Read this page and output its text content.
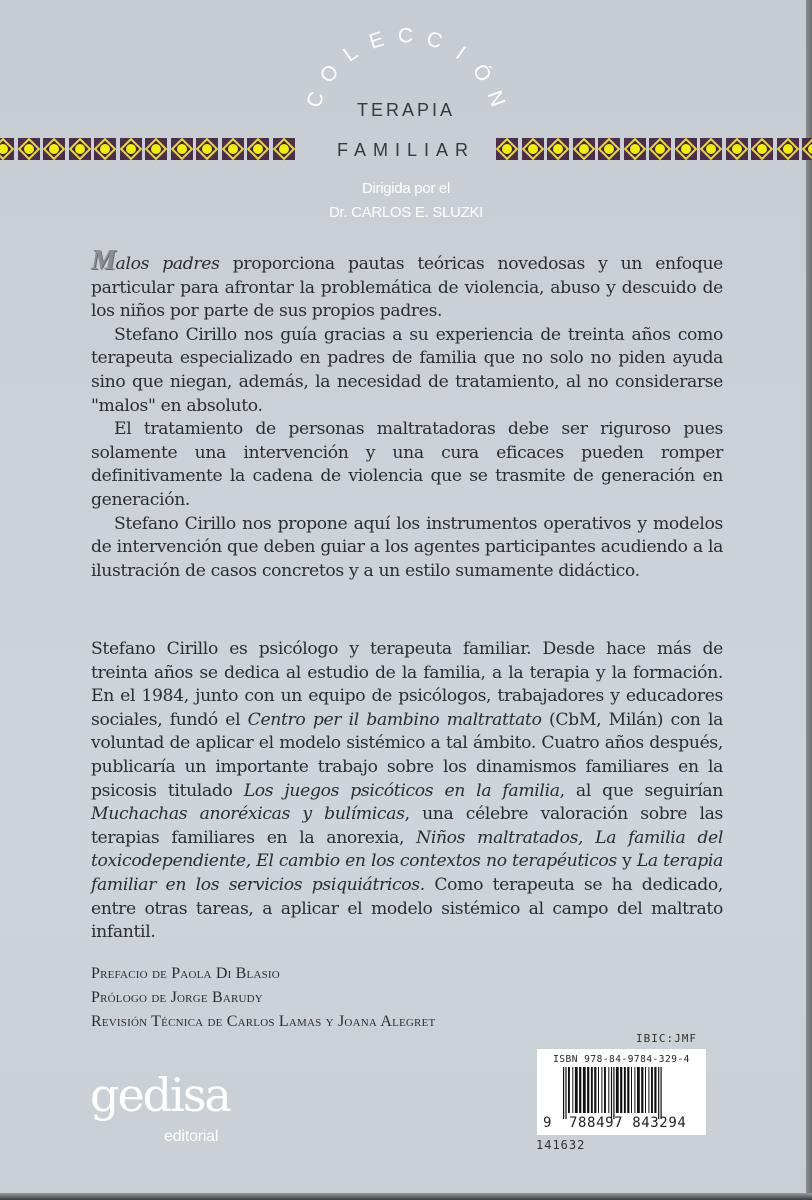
C
O
L E C C I
Ó
N
TERAPIA
FAMILIAR
Dirigida por el
Dr. CARLOS E. SLUZKI

Malos padres proporciona pautas teóricas novedosas y un enfoque particular para afrontar la problemática de violencia, abuso y descuido de los niños por parte de sus propios padres.

Stefano Cirillo nos guía gracias a su experiencia de treinta años como terapeuta especializado en padres de familia que no solo no piden ayuda sino que niegan, además, la necesidad de tratamiento, al no considerarse "malos" en absoluto.

El tratamiento de personas maltratadoras debe ser riguroso pues solamente una intervención y una cura eficaces pueden romper definitivamente la cadena de violencia que se trasmite de generación en generación.

Stefano Cirillo nos propone aquí los instrumentos operativos y modelos de intervención que deben guiar a los agentes participantes acudiendo a la ilustración de casos concretos y a un estilo sumamente didáctico.

Stefano Cirillo es psicólogo y terapeuta familiar. Desde hace más de treinta años se dedica al estudio de la familia, a la terapia y la formación. En el 1984, junto con un equipo de psicólogos, trabajadores y educadores sociales, fundó el Centro per il bambino maltrattato (CbM, Milán) con la voluntad de aplicar el modelo sistémico a tal ámbito. Cuatro años después, publicaría un importante trabajo sobre los dinamismos familiares en la psicosis titulado Los juegos psicóticos en la familia, al que seguirían Muchachas anoréxicas y bulímicas, una célebre valoración sobre las terapias familiares en la anorexia, Niños maltratados, La familia del toxicodependiente, El cambio en los contextos no terapéuticos y La terapia familiar en los servicios psiquiátricos. Como terapeuta se ha dedicado, entre otras tareas, a aplicar el modelo sistémico al campo del maltrato infantil.

Prefacio de Paola Di Blasio
Prólogo de Jorge Barudy
Revisión Técnica de Carlos Lamas y Joana Alegret
IBIC:JMF
ISBN 978-84-9784-329-4
9 788497 843294
141632
gedisa
editorial
